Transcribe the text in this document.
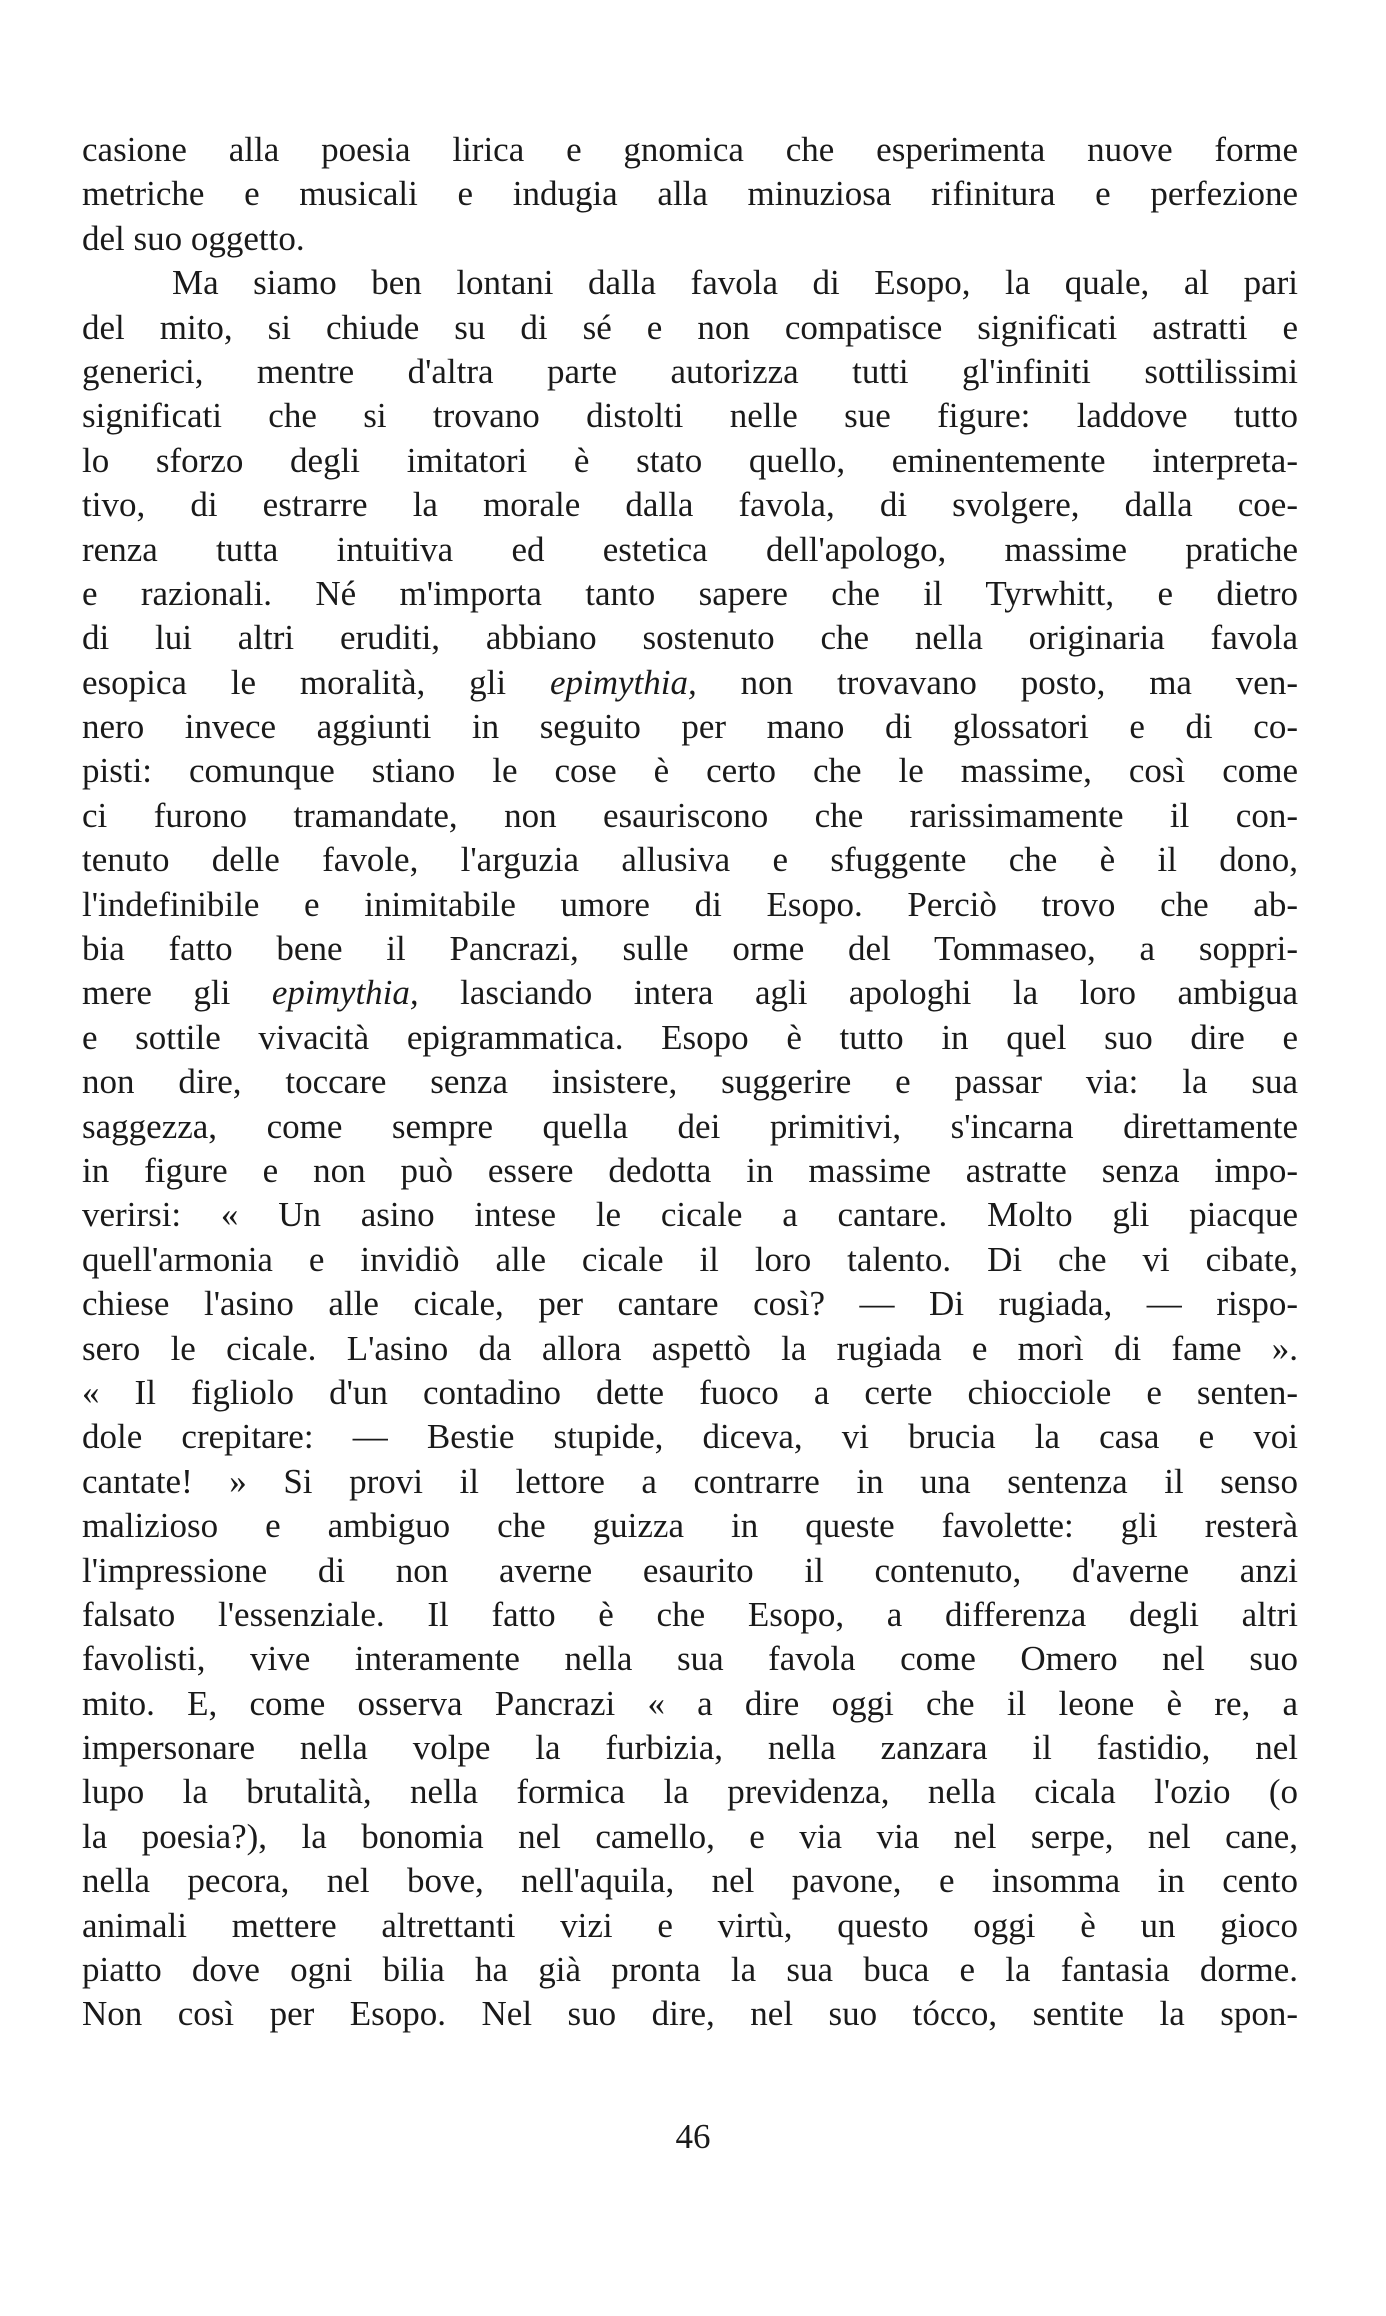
casione alla poesia lirica e gnomica che esperimenta nuove forme
metriche e musicali e indugia alla minuziosa rifinitura e perfezione
del suo oggetto.
Ma siamo ben lontani dalla favola di Esopo, la quale, al pari
del mito, si chiude su di sé e non compatisce significati astratti e
generici, mentre d'altra parte autorizza tutti gl'infiniti sottilissimi
significati che si trovano distolti nelle sue figure: laddove tutto
lo sforzo degli imitatori è stato quello, eminentemente interpreta-
tivo, di estrarre la morale dalla favola, di svolgere, dalla coe-
renza tutta intuitiva ed estetica dell'apologo, massime pratiche
e razionali. Né m'importa tanto sapere che il Tyrwhitt, e dietro
di lui altri eruditi, abbiano sostenuto che nella originaria favola
esopica le moralità, gli epimythia, non trovavano posto, ma ven-
nero invece aggiunti in seguito per mano di glossatori e di co-
pisti: comunque stiano le cose è certo che le massime, così come
ci furono tramandate, non esauriscono che rarissimamente il con-
tenuto delle favole, l'arguzia allusiva e sfuggente che è il dono,
l'indefinibile e inimitabile umore di Esopo. Perciò trovo che ab-
bia fatto bene il Pancrazi, sulle orme del Tommaseo, a soppri-
mere gli epimythia, lasciando intera agli apologhi la loro ambigua
e sottile vivacità epigrammatica. Esopo è tutto in quel suo dire e
non dire, toccare senza insistere, suggerire e passar via: la sua
saggezza, come sempre quella dei primitivi, s'incarna direttamente
in figure e non può essere dedotta in massime astratte senza impo-
verirsi: « Un asino intese le cicale a cantare. Molto gli piacque
quell'armonia e invidiò alle cicale il loro talento. Di che vi cibate,
chiese l'asino alle cicale, per cantare così? — Di rugiada, — rispo-
sero le cicale. L'asino da allora aspettò la rugiada e morì di fame ».
« Il figliolo d'un contadino dette fuoco a certe chiocciole e senten-
dole crepitare: — Bestie stupide, diceva, vi brucia la casa e voi
cantate! » Si provi il lettore a contrarre in una sentenza il senso
malizioso e ambiguo che guizza in queste favolette: gli resterà
l'impressione di non averne esaurito il contenuto, d'averne anzi
falsato l'essenziale. Il fatto è che Esopo, a differenza degli altri
favolisti, vive interamente nella sua favola come Omero nel suo
mito. E, come osserva Pancrazi « a dire oggi che il leone è re, a
impersonare nella volpe la furbizia, nella zanzara il fastidio, nel
lupo la brutalità, nella formica la previdenza, nella cicala l'ozio (o
la poesia?), la bonomia nel camello, e via via nel serpe, nel cane,
nella pecora, nel bove, nell'aquila, nel pavone, e insomma in cento
animali mettere altrettanti vizi e virtù, questo oggi è un gioco
piatto dove ogni bilia ha già pronta la sua buca e la fantasia dorme.
Non così per Esopo. Nel suo dire, nel suo tócco, sentite la spon-
46
